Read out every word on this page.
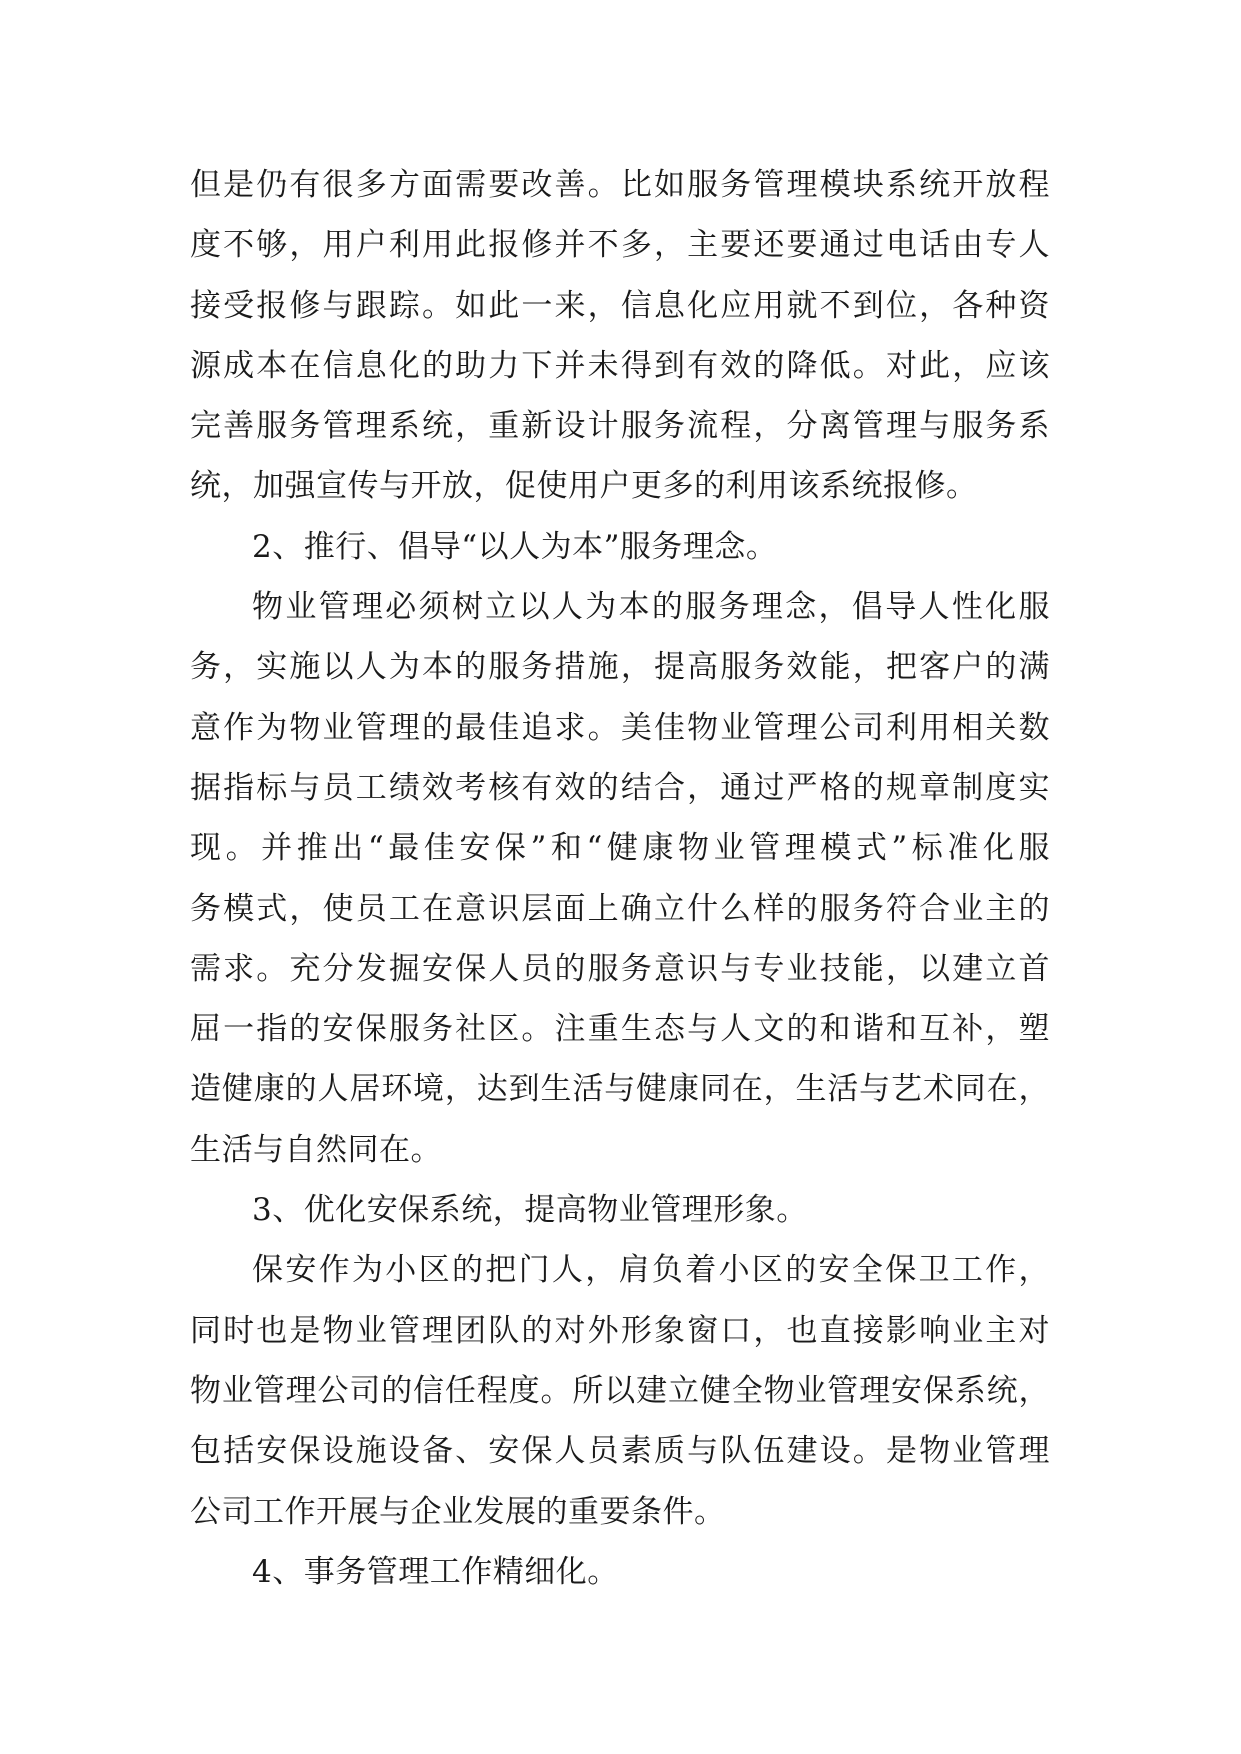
但是仍有很多方面需要改善。比如服务管理模块系统开放程
度不够，用户利用此报修并不多，主要还要通过电话由专人
接受报修与跟踪。如此一来，信息化应用就不到位，各种资
源成本在信息化的助力下并未得到有效的降低。对此，应该
完善服务管理系统，重新设计服务流程，分离管理与服务系
统，加强宣传与开放，促使用户更多的利用该系统报修。
2、推行、倡导“以人为本”服务理念。
物业管理必须树立以人为本的服务理念，倡导人性化服
务，实施以人为本的服务措施，提高服务效能，把客户的满
意作为物业管理的最佳追求。美佳物业管理公司利用相关数
据指标与员工绩效考核有效的结合，通过严格的规章制度实
现。并推出“最佳安保”和“健康物业管理模式”标准化服
务模式，使员工在意识层面上确立什么样的服务符合业主的
需求。充分发掘安保人员的服务意识与专业技能，以建立首
屈一指的安保服务社区。注重生态与人文的和谐和互补，塑
造健康的人居环境，达到生活与健康同在，生活与艺术同在，
生活与自然同在。
3、优化安保系统，提高物业管理形象。
保安作为小区的把门人，肩负着小区的安全保卫工作，
同时也是物业管理团队的对外形象窗口，也直接影响业主对
物业管理公司的信任程度。所以建立健全物业管理安保系统，
包括安保设施设备、安保人员素质与队伍建设。是物业管理
公司工作开展与企业发展的重要条件。
4、事务管理工作精细化。
